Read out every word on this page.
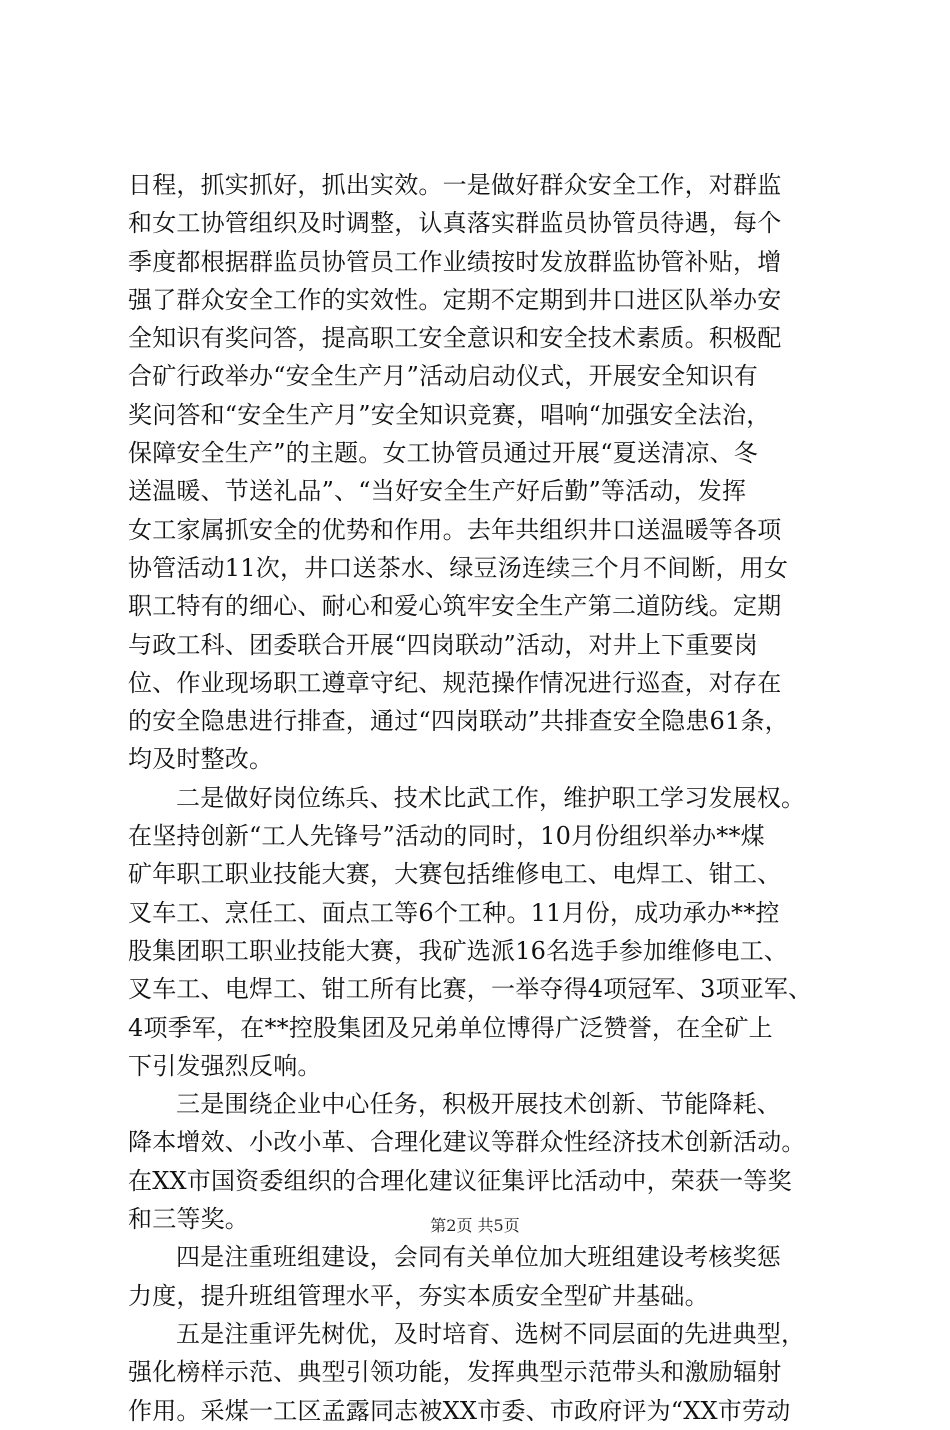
日程，抓实抓好，抓出实效。一是做好群众安全工作，对群监
和女工协管组织及时调整，认真落实群监员协管员待遇，每个
季度都根据群监员协管员工作业绩按时发放群监协管补贴，增
强了群众安全工作的实效性。定期不定期到井口进区队举办安
全知识有奖问答，提高职工安全意识和安全技术素质。积极配
合矿行政举办“安全生产月”活动启动仪式，开展安全知识有
奖问答和“安全生产月”安全知识竞赛，唱响“加强安全法治，
保障安全生产”的主题。女工协管员通过开展“夏送清凉、冬
送温暖、节送礼品”、“当好安全生产好后勤”等活动，发挥
女工家属抓安全的优势和作用。去年共组织井口送温暖等各项
协管活动11次，井口送茶水、绿豆汤连续三个月不间断，用女
职工特有的细心、耐心和爱心筑牢安全生产第二道防线。定期
与政工科、团委联合开展“四岗联动”活动，对井上下重要岗
位、作业现场职工遵章守纪、规范操作情况进行巡查，对存在
的安全隐患进行排查，通过“四岗联动”共排查安全隐患61条，
均及时整改。
二是做好岗位练兵、技术比武工作，维护职工学习发展权。
在坚持创新“工人先锋号”活动的同时，10月份组织举办**煤
矿年职工职业技能大赛，大赛包括维修电工、电焊工、钳工、
叉车工、烹任工、面点工等6个工种。11月份，成功承办**控
股集团职工职业技能大赛，我矿选派16名选手参加维修电工、
叉车工、电焊工、钳工所有比赛，一举夺得4项冠军、3项亚军、
4项季军，在**控股集团及兄弟单位博得广泛赞誉，在全矿上
下引发强烈反响。
三是围绕企业中心任务，积极开展技术创新、节能降耗、
降本增效、小改小革、合理化建议等群众性经济技术创新活动。
在XX市国资委组织的合理化建议征集评比活动中，荣获一等奖
和三等奖。
四是注重班组建设，会同有关单位加大班组建设考核奖惩
力度，提升班组管理水平，夯实本质安全型矿井基础。
五是注重评先树优，及时培育、选树不同层面的先进典型，
强化榜样示范、典型引领功能，发挥典型示范带头和激励辐射
作用。采煤一工区孟露同志被XX市委、市政府评为“XX市劳动
第2页 共5页
